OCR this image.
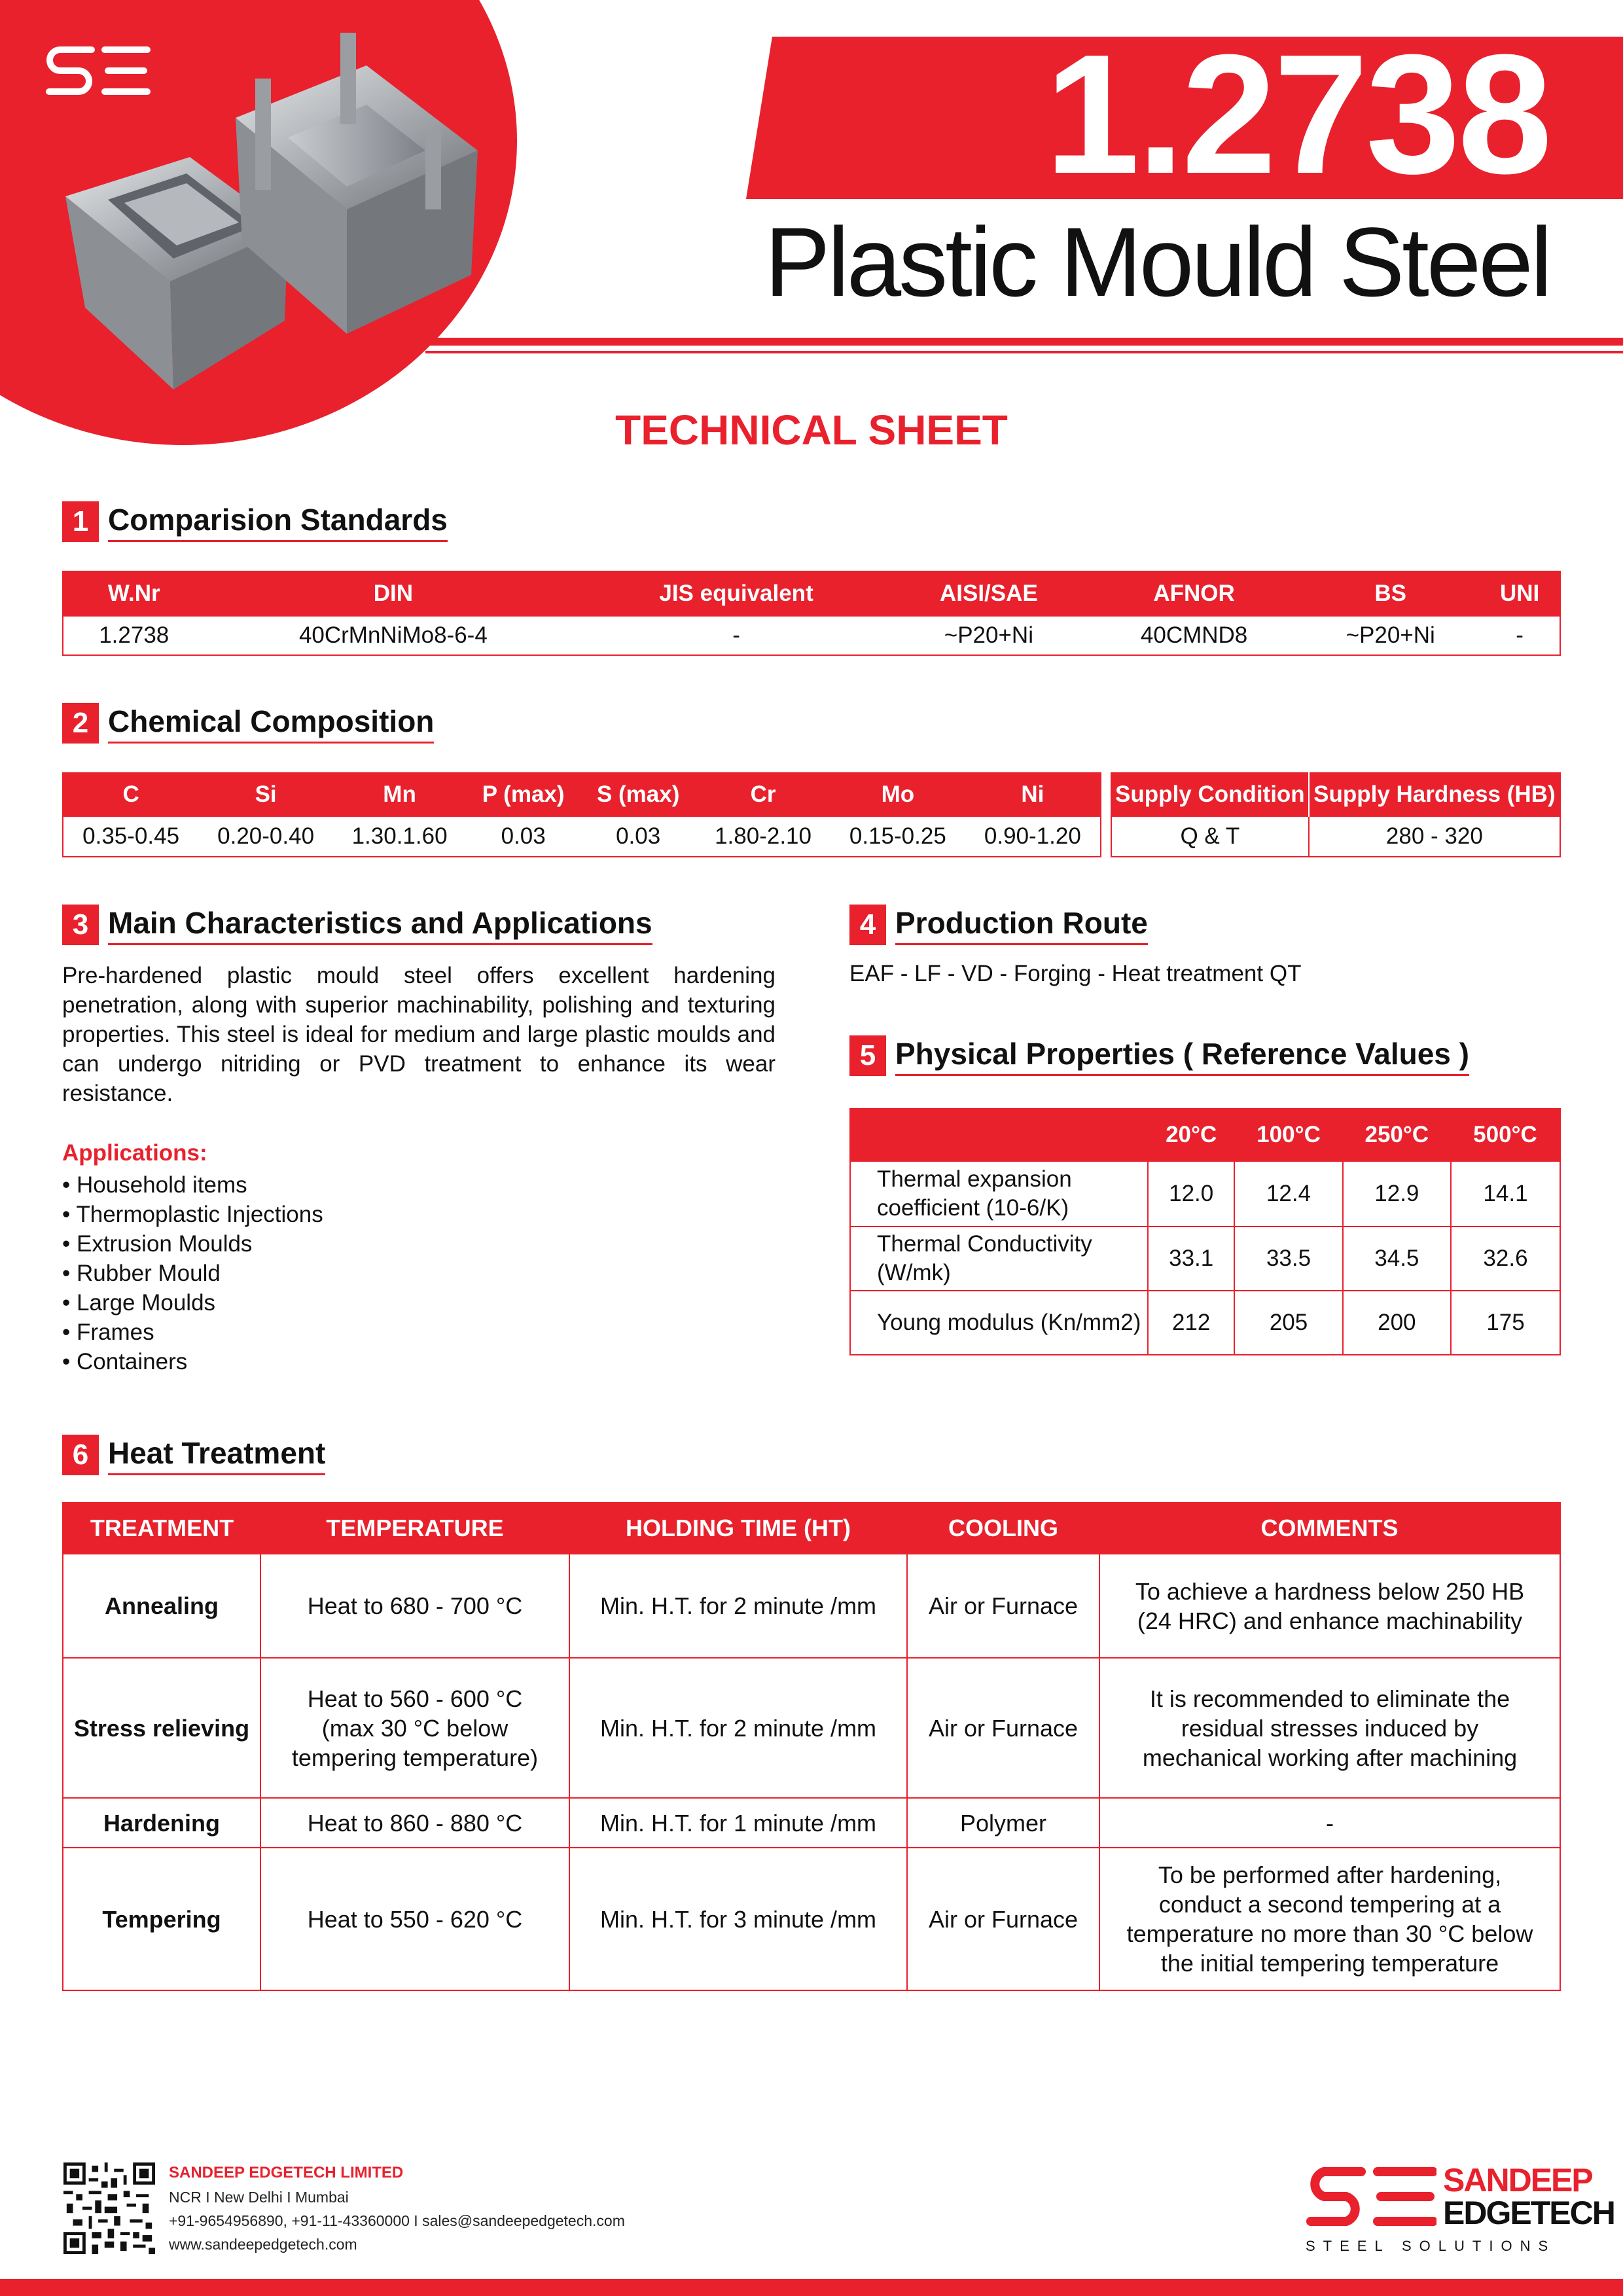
1.2738
Plastic Mould Steel
TECHNICAL SHEET
1 Comparision Standards
W.Nr	DIN	JIS equivalent	AISI/SAE	AFNOR	BS	UNI
1.2738	40CrMnNiMo8-6-4	-	~P20+Ni	40CMND8	~P20+Ni	-
2 Chemical Composition
C	Si	Mn	P (max)	S (max)	Cr	Mo	Ni
0.35-0.45	0.20-0.40	1.30.1.60	0.03	0.03	1.80-2.10	0.15-0.25	0.90-1.20
Supply Condition	Supply Hardness (HB)
Q & T	280 - 320
3 Main Characteristics and Applications
Pre-hardened plastic mould steel offers excellent hardening penetration, along with superior machinability, polishing and texturing properties. This steel is ideal for medium and large plastic moulds and can undergo nitriding or PVD treatment to enhance its wear resistance.
Applications:
• Household items
• Thermoplastic Injections
• Extrusion Moulds
• Rubber Mould
• Large Moulds
• Frames
• Containers
4 Production Route
EAF - LF - VD - Forging - Heat treatment QT
5 Physical Properties ( Reference Values )
	20°C	100°C	250°C	500°C
Thermal expansion coefficient (10-6/K)	12.0	12.4	12.9	14.1
Thermal Conductivity (W/mk)	33.1	33.5	34.5	32.6
Young modulus (Kn/mm2)	212	205	200	175
6 Heat Treatment
TREATMENT	TEMPERATURE	HOLDING TIME (HT)	COOLING	COMMENTS
Annealing	Heat to 680 - 700 °C	Min. H.T. for 2 minute /mm	Air or Furnace	To achieve a hardness below 250 HB (24 HRC) and enhance machinability
Stress relieving	Heat to 560 - 600 °C (max 30 °C below tempering temperature)	Min. H.T. for 2 minute /mm	Air or Furnace	It is recommended to eliminate the residual stresses induced by mechanical working after machining
Hardening	Heat to 860 - 880 °C	Min. H.T. for 1 minute /mm	Polymer	-
Tempering	Heat to 550 - 620 °C	Min. H.T. for 3 minute /mm	Air or Furnace	To be performed after hardening, conduct a second tempering at a temperature no more than 30 °C below the initial tempering temperature
SANDEEP EDGETECH LIMITED
NCR I New Delhi I Mumbai
+91-9654956890, +91-11-43360000 I sales@sandeepedgetech.com
www.sandeepedgetech.com
SANDEEP
EDGETECH
STEEL SOLUTIONS
